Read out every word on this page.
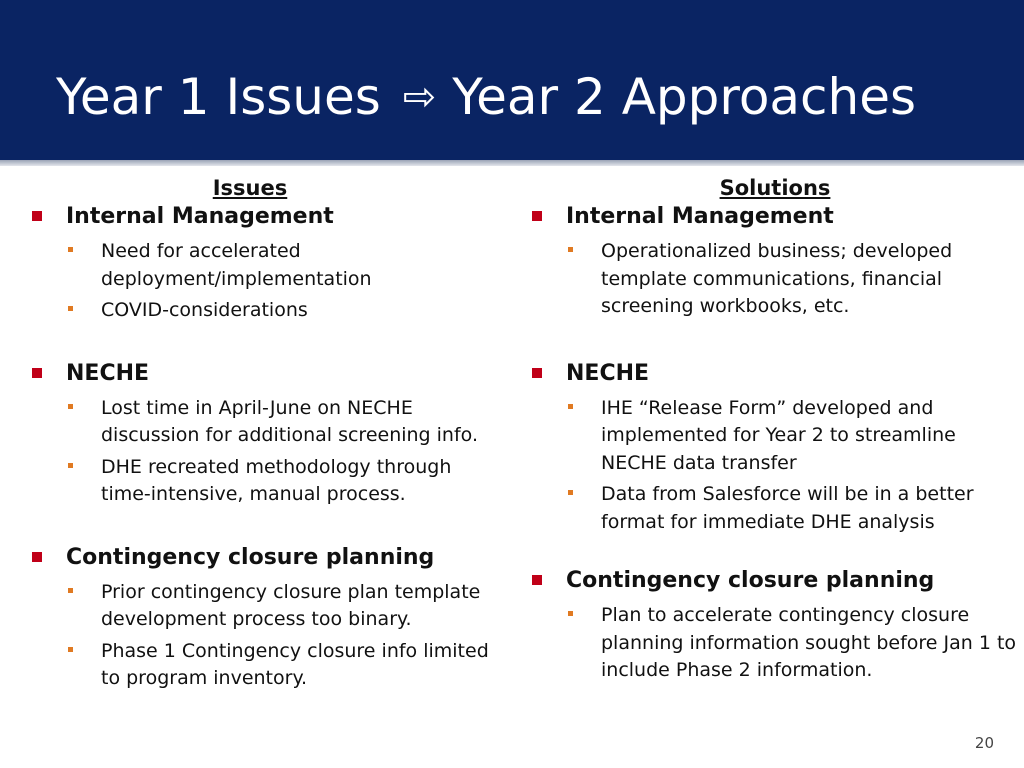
Year 1 Issues ⇨ Year 2 Approaches
Issues
Internal Management
Need for accelerated deployment/implementation
COVID-considerations
NECHE
Lost time in April-June on NECHE discussion for additional screening info.
DHE recreated methodology through time-intensive, manual process.
Contingency closure planning
Prior contingency closure plan template development process too binary.
Phase 1 Contingency closure info limited to program inventory.
Solutions
Internal Management
Operationalized business; developed template communications, financial screening workbooks, etc.
NECHE
IHE “Release Form” developed and implemented for Year 2 to streamline NECHE data transfer
Data from Salesforce will be in a better format for immediate DHE analysis
Contingency closure planning
Plan to accelerate contingency closure planning information sought before Jan 1 to include Phase 2 information.
20
